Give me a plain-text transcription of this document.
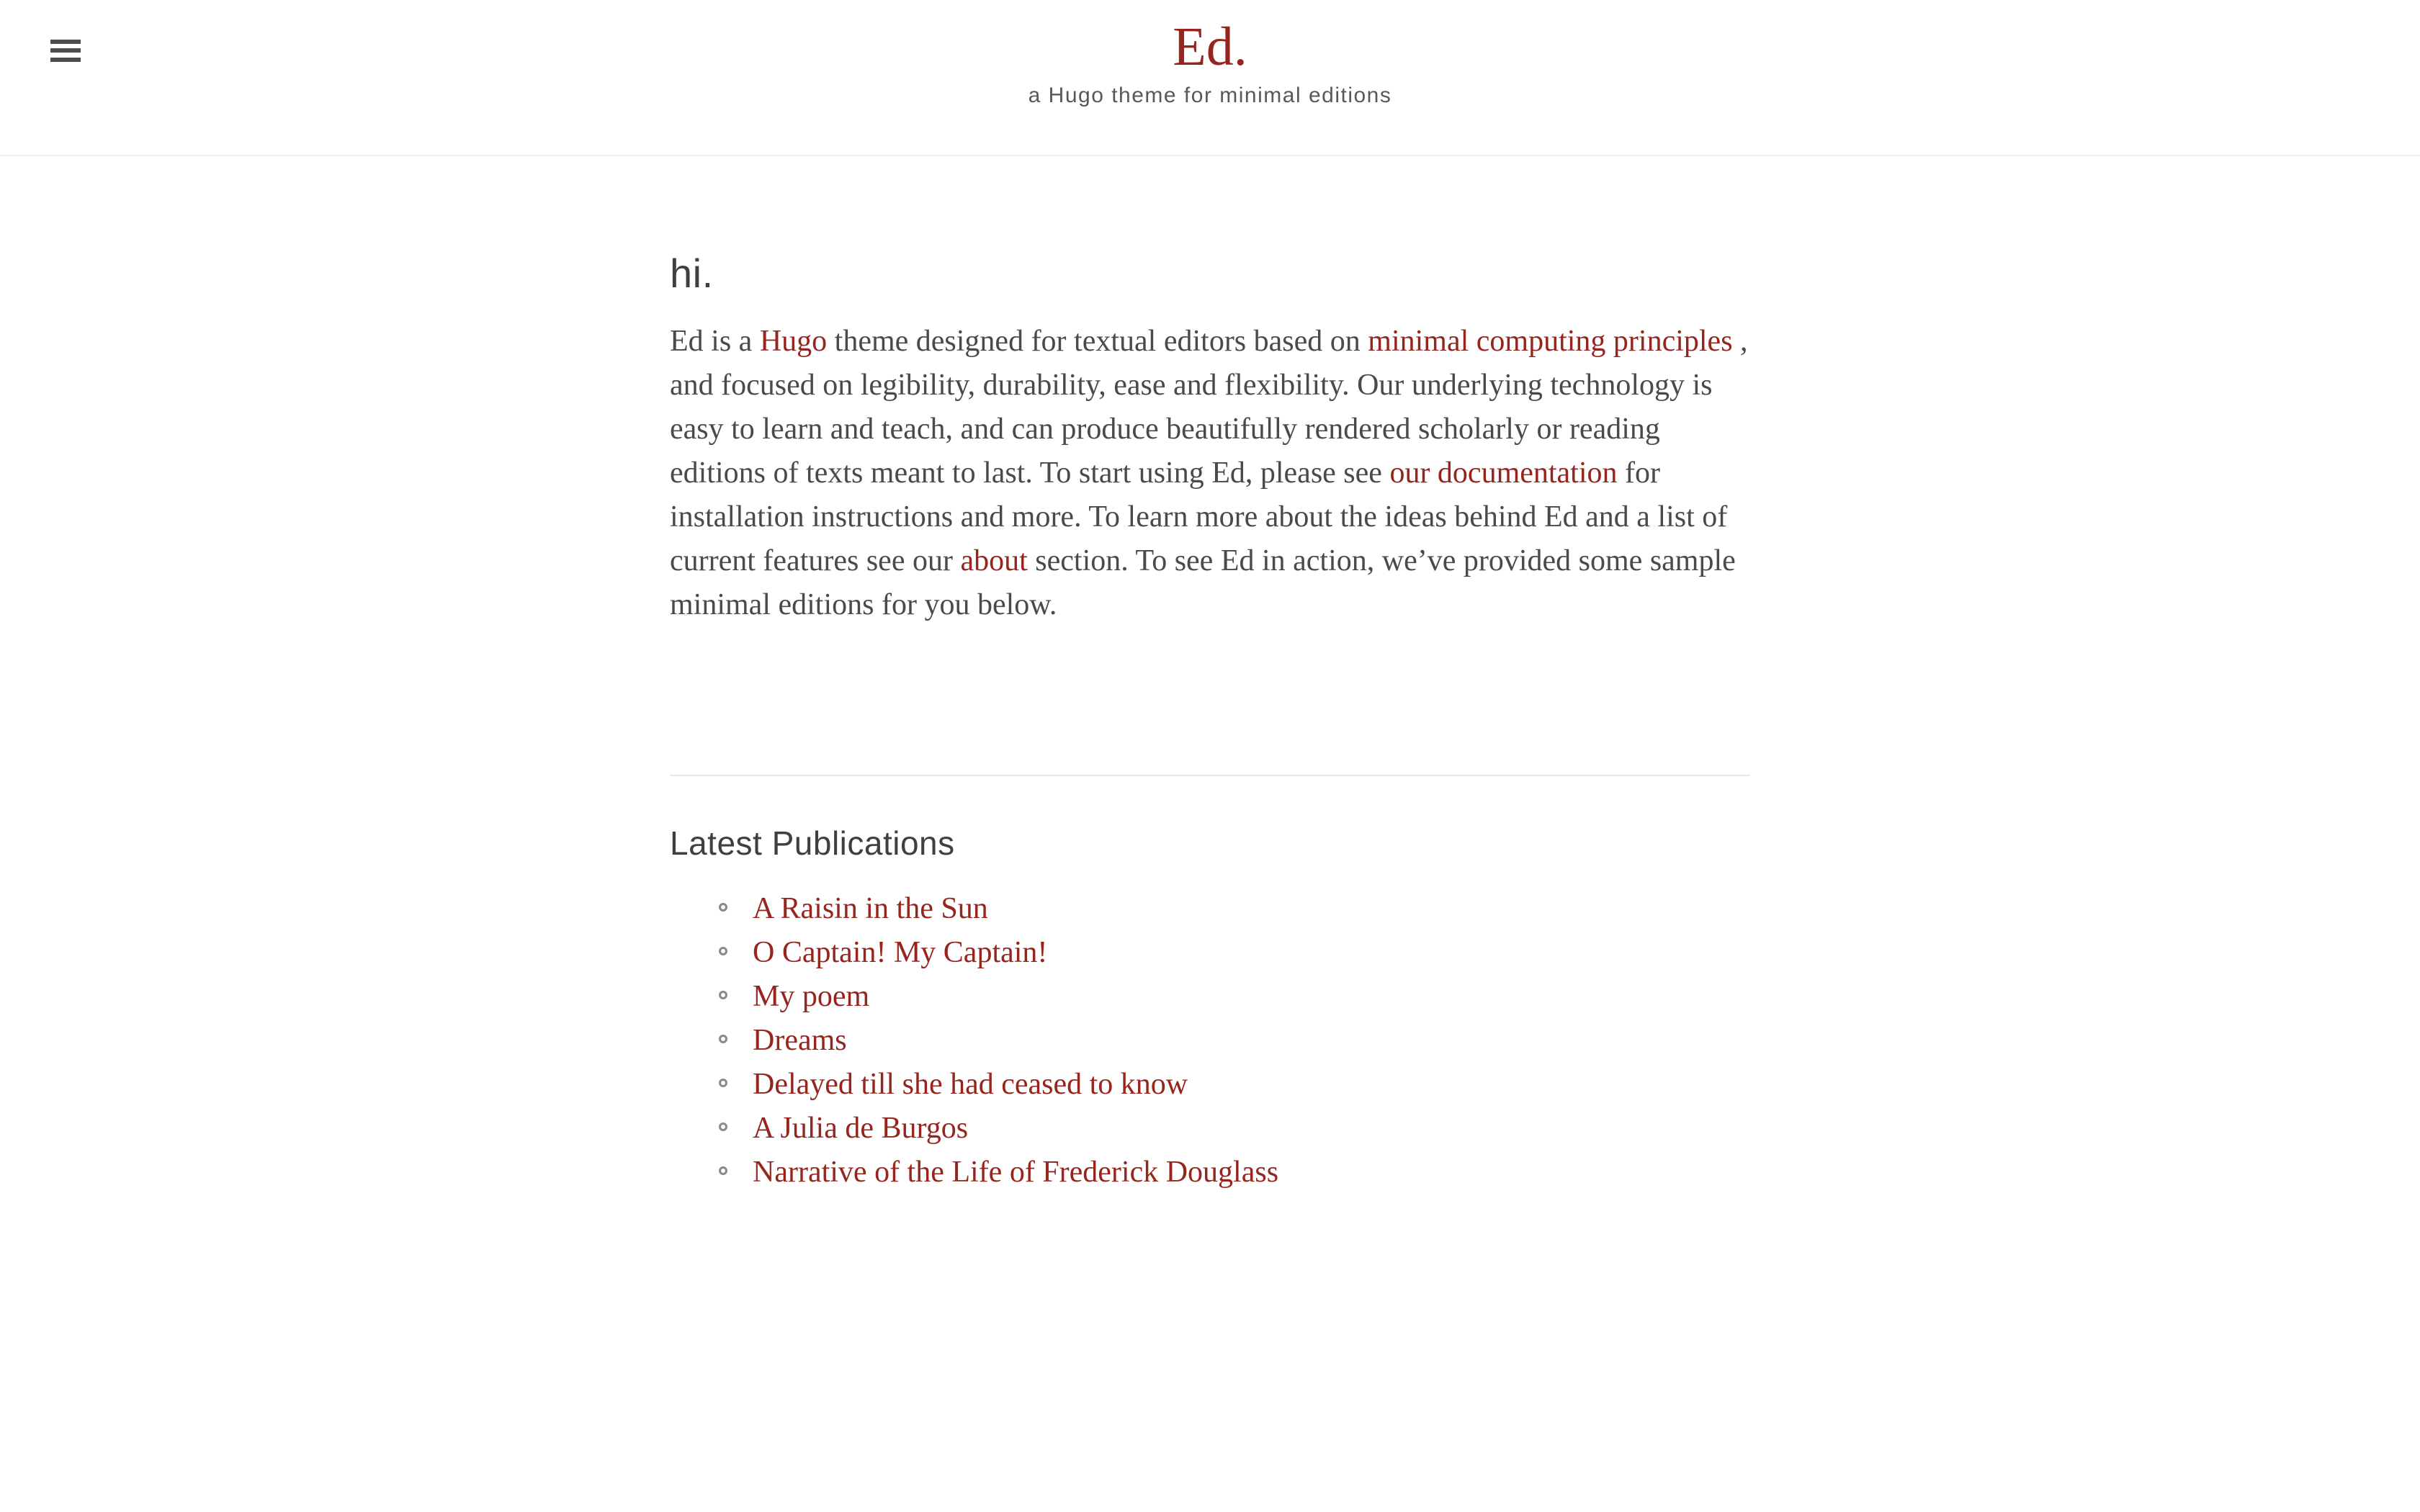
Ed.

a Hugo theme for minimal editions

hi.

Ed is a Hugo theme designed for textual editors based on minimal computing principles , and focused on legibility, durability, ease and flexibility. Our underlying technology is easy to learn and teach, and can produce beautifully rendered scholarly or reading editions of texts meant to last. To start using Ed, please see our documentation for installation instructions and more. To learn more about the ideas behind Ed and a list of current features see our about section. To see Ed in action, we’ve provided some sample minimal editions for you below.

Latest Publications
A Raisin in the Sun
O Captain! My Captain!
My poem
Dreams
Delayed till she had ceased to know
A Julia de Burgos
Narrative of the Life of Frederick Douglass
